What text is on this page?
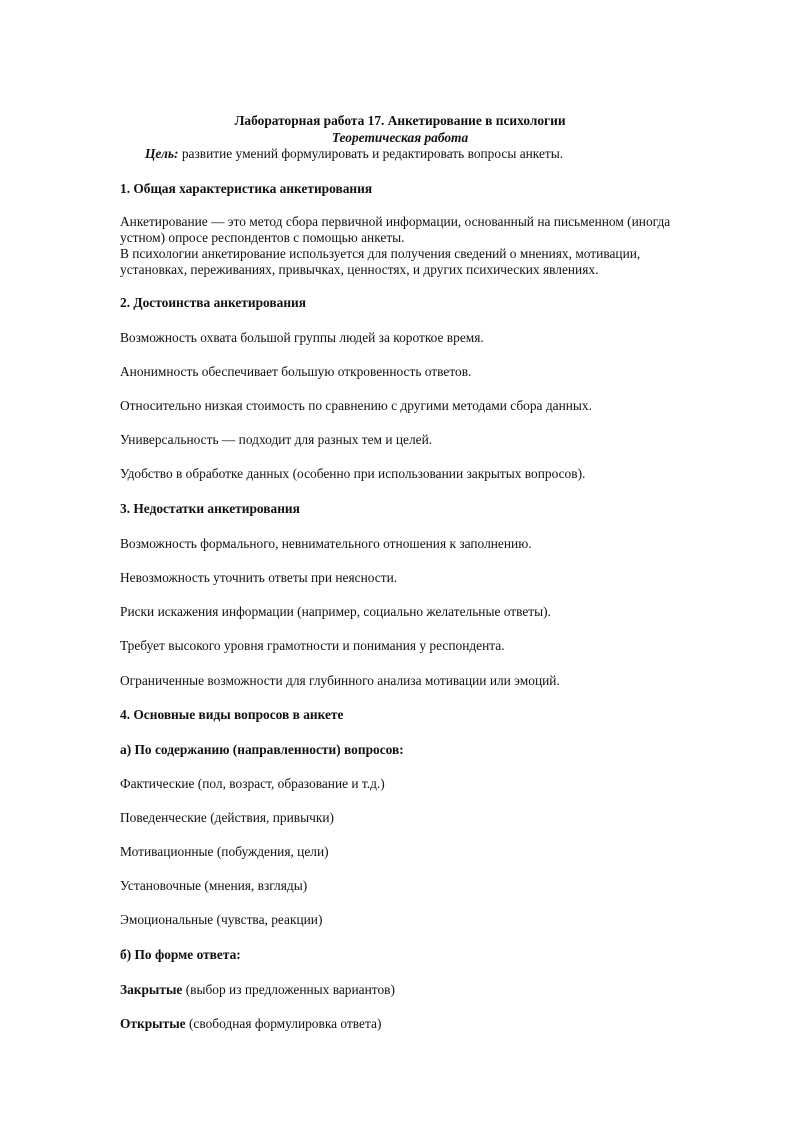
Лабораторная работа 17. Анкетирование в психологии
Теоретическая работа
Цель: развитие умений формулировать и редактировать вопросы анкеты.
1. Общая характеристика анкетирования
Анкетирование — это метод сбора первичной информации, основанный на письменном (иногда
устном) опросе респондентов с помощью анкеты.
В психологии анкетирование используется для получения сведений о мнениях, мотивации,
установках, переживаниях, привычках, ценностях, и других психических явлениях.
2. Достоинства анкетирования
Возможность охвата большой группы людей за короткое время.
Анонимность обеспечивает большую откровенность ответов.
Относительно низкая стоимость по сравнению с другими методами сбора данных.
Универсальность — подходит для разных тем и целей.
Удобство в обработке данных (особенно при использовании закрытых вопросов).
3. Недостатки анкетирования
Возможность формального, невнимательного отношения к заполнению.
Невозможность уточнить ответы при неясности.
Риски искажения информации (например, социально желательные ответы).
Требует высокого уровня грамотности и понимания у респондента.
Ограниченные возможности для глубинного анализа мотивации или эмоций.
4. Основные виды вопросов в анкете
а) По содержанию (направленности) вопросов:
Фактические (пол, возраст, образование и т.д.)
Поведенческие (действия, привычки)
Мотивационные (побуждения, цели)
Установочные (мнения, взгляды)
Эмоциональные (чувства, реакции)
б) По форме ответа:
Закрытые (выбор из предложенных вариантов)
Открытые (свободная формулировка ответа)
